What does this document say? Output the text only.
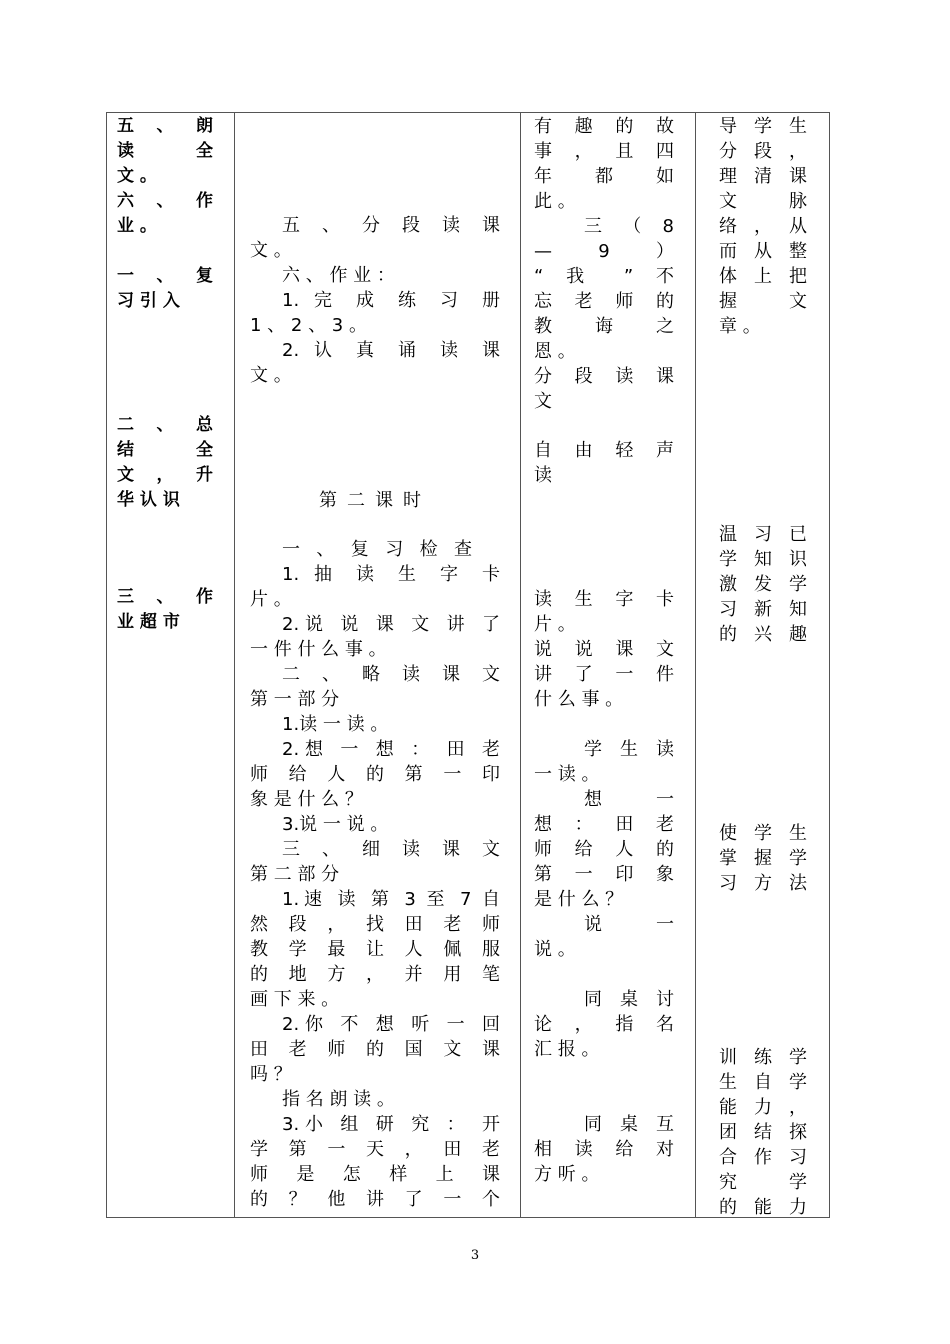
五 、 朗
读 全
文 。
六 、 作
业 。
一 、 复
习 引 入
二 、 总
结 全
文 ， 升
华 认 识
三 、 作
业 超 市
五 、 分 段 读 课
文 。
六 、 作 业 ：
1. 完 成 练 习 册
1 、 2 、 3 。
2. 认 真 诵 读 课
文 。
第二课时
一 、 复 习 检 查
1. 抽 读 生 字 卡
片 。
2.说 说 课 文 讲 了
一 件 什 么 事 。
二 、 略 读 课 文
第 一 部 分
1.读 一 读 。
2.想 一 想 ： 田 老
师 给 人 的 第 一 印
象 是 什 么 ？
3.说 一 说 。
三 、 细 读 课 文
第 二 部 分
1.速 读 第 3 至 7 自
然 段 ， 找 田 老 师
教 学 最 让 人 佩 服
的 地 方 ， 并 用 笔
画 下 来 。
2.你 不 想 听 一 回
田 老 师 的 国 文 课
吗 ？
指 名 朗 读 。
3.小 组 研 究 ： 开
学 第 一 天 ， 田 老
师 是 怎 样 上 课
的 ？ 他 讲 了 一 个
有 趣 的 故
事 ， 且 四
年 都 如
此 。
三 （ 8
— 9 ）
“ 我 ” 不
忘 老 师 的
教 诲 之
恩 。
分 段 读 课
文
自 由 轻 声
读
读 生 字 卡
片 。
说 说 课 文
讲 了 一 件
什 么 事 。
学 生 读
一 读 。
想 一
想 ： 田 老
师 给 人 的
第 一 印 象
是 什 么 ？
说 一
说 。
同 桌 讨
论 ， 指 名
汇 报 。
同 桌 互
相 读 给 对
方 听 。
导 学 生
分 段 ，
理 清 课
文 脉
络 ， 从
而 从 整
体 上 把
握 文
章 。
温 习 已
学 知 识
激 发 学
习 新 知
的 兴 趣
使 学 生
掌 握 学
习 方 法
训 练 学
生 自 学
能 力 ，
团 结 探
合 作 习
究 学
的 能 力
3
